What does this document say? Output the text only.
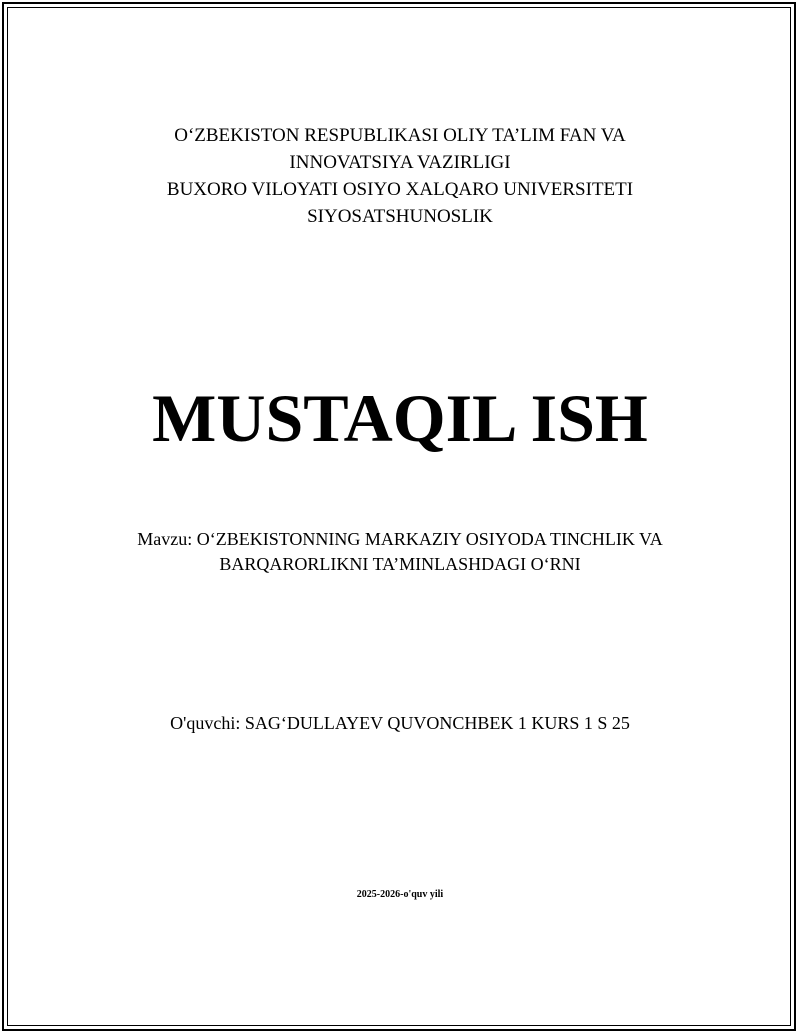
O‘ZBEKISTON RESPUBLIKASI OLIY TA’LIM FAN VA
INNOVATSIYA VAZIRLIGI
BUXORO VILOYATI OSIYO XALQARO UNIVERSITETI
SIYOSATSHUNOSLIK
MUSTAQIL ISH
Mavzu: O‘ZBEKISTONNING MARKAZIY OSIYODA TINCHLIK VA
BARQARORLIKNI TA’MINLASHDAGI O‘RNI
O'quvchi: SAG‘DULLAYEV QUVONCHBEK 1 KURS 1 S 25
2025-2026-o'quv yili
